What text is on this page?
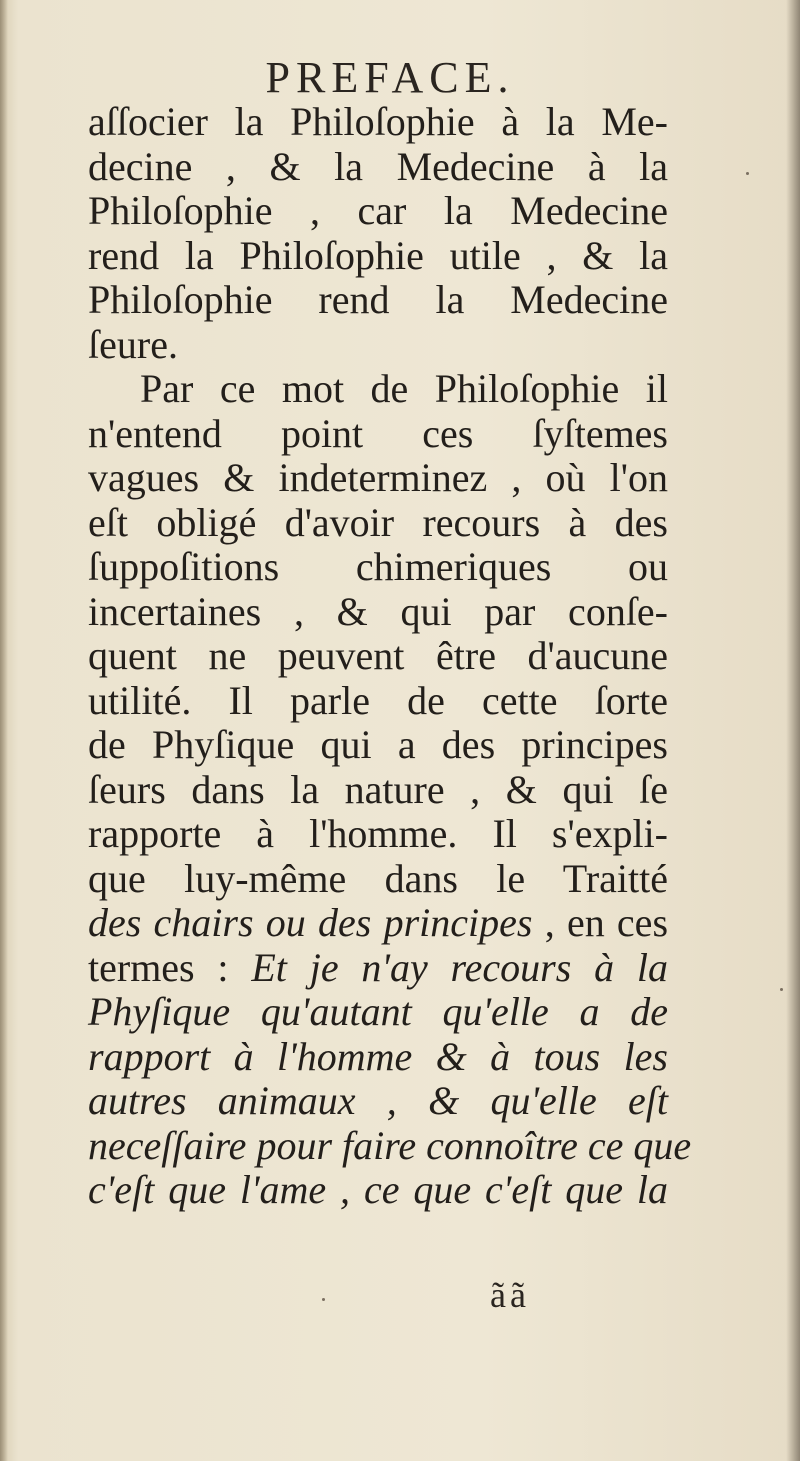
PREFACE.
aſſocier la Philoſophie à la Me-
decine , & la Medecine à la
Philoſophie , car la Medecine
rend la Philoſophie utile , & la
Philoſophie rend la Medecine
ſeure.
Par ce mot de Philoſophie il
n'entend point ces ſyſtemes
vagues & indeterminez , où l'on
eſt obligé d'avoir recours à des
ſuppoſitions chimeriques ou
incertaines , & qui par conſe-
quent ne peuvent être d'aucune
utilité. Il parle de cette ſorte
de Phyſique qui a des principes
ſeurs dans la nature , & qui ſe
rapporte à l'homme. Il s'expli-
que luy-même dans le Traitté
des chairs ou des principes , en ces
termes : Et je n'ay recours à la
Phyſique qu'autant qu'elle a de
rapport à l'homme & à tous les
autres animaux , & qu'elle eſt
neceſſaire pour faire connoître ce que
c'eſt que l'ame , ce que c'eſt que la
ãã
